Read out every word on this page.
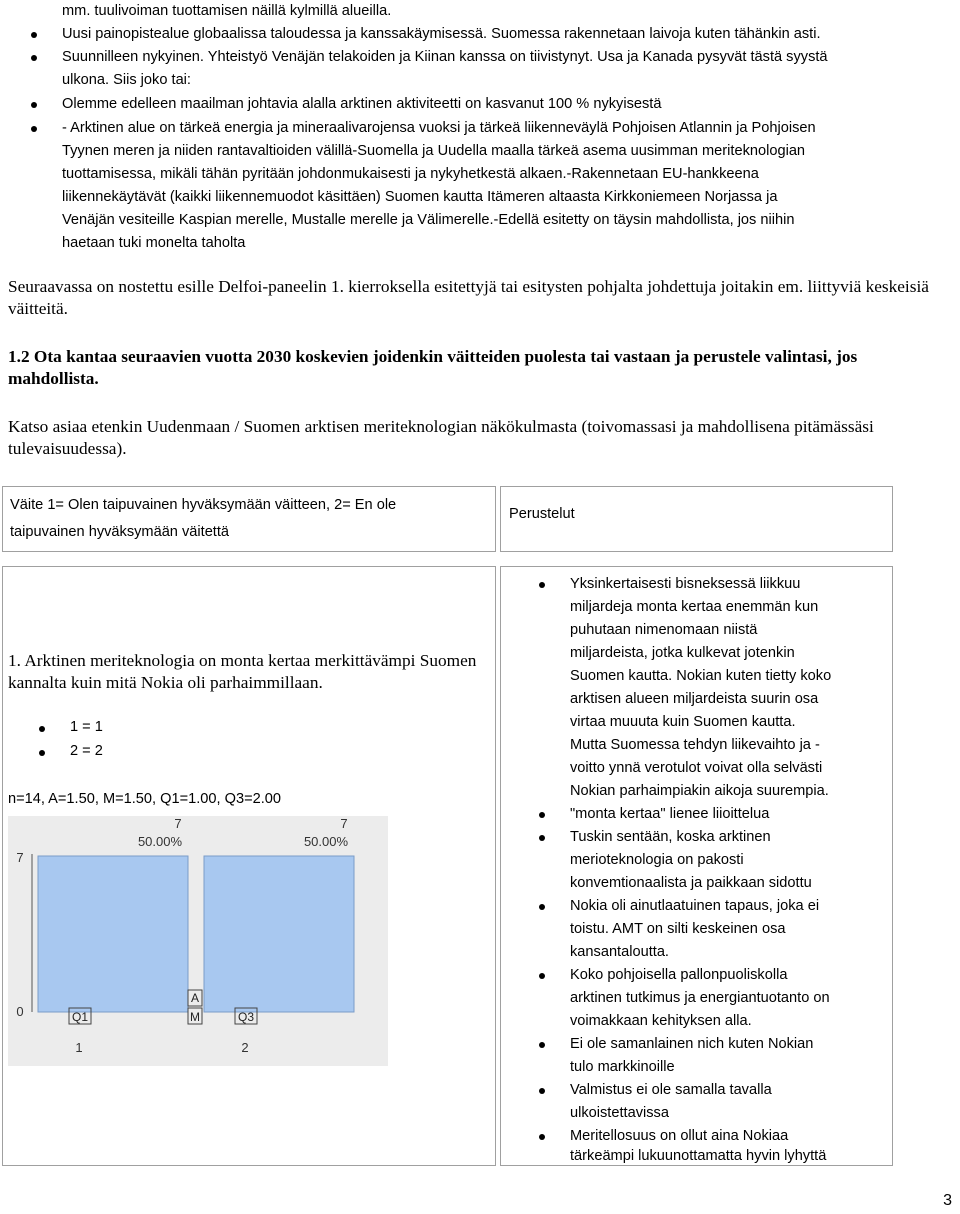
mm. tuulivoiman tuottamisen näillä kylmillä alueilla.
Uusi painopistealue globaalissa taloudessa ja kanssakäymisessä. Suomessa rakennetaan laivoja kuten tähänkin asti.
Suunnilleen nykyinen. Yhteistyö Venäjän telakoiden ja Kiinan kanssa on tiivistynyt. Usa ja Kanada pysyvät tästä syystä
ulkona. Siis joko tai:
Olemme edelleen maailman johtavia alalla arktinen aktiviteetti on kasvanut 100 % nykyisestä
- Arktinen alue on tärkeä energia ja mineraalivarojensa vuoksi ja tärkeä liikenneväylä Pohjoisen Atlannin ja Pohjoisen
Tyynen meren ja niiden rantavaltioiden välillä-Suomella ja Uudella maalla tärkeä asema uusimman meriteknologian
tuottamisessa, mikäli tähän pyritään johdonmukaisesti ja nykyhetkestä alkaen.-Rakennetaan EU-hankkeena
liikennekäytävät (kaikki liikennemuodot käsittäen) Suomen kautta Itämeren altaasta Kirkkoniemeen Norjassa ja
Venäjän vesiteille Kaspian merelle, Mustalle merelle ja Välimerelle.-Edellä esitetty on täysin mahdollista, jos niihin
haetaan tuki monelta taholta
Seuraavassa on nostettu esille Delfoi-paneelin 1. kierroksella esitettyjä tai esitysten pohjalta johdettuja joitakin em. liittyviä keskeisiä väitteitä.
1.2 Ota kantaa seuraavien vuotta 2030 koskevien joidenkin väitteiden puolesta tai vastaan ja perustele valintasi, jos mahdollista.
Katso asiaa etenkin Uudenmaan / Suomen arktisen meriteknologian näkökulmasta (toivomassasi ja mahdollisena pitämässäsi tulevaisuudessa).
Väite 1= Olen taipuvainen hyväksymään väitteen, 2= En ole
taipuvainen hyväksymään väitettä
Perustelut
1. Arktinen meriteknologia on monta kertaa merkittävämpi Suomen kannalta kuin mitä Nokia oli parhaimmillaan.
1 = 1
2 = 2
n=14, A=1.50, M=1.50, Q1=1.00, Q3=2.00
7
0
7
50.00%
1
7
50.00%
2
Q1	Q3
A
M
Yksinkertaisesti bisneksessä liikkuu
miljardeja monta kertaa enemmän kun
puhutaan nimenomaan niistä
miljardeista, jotka kulkevat jotenkin
Suomen kautta. Nokian kuten tietty koko
arktisen alueen miljardeista suurin osa
virtaa muuuta kuin Suomen kautta.
Mutta Suomessa tehdyn liikevaihto ja -
voitto ynnä verotulot voivat olla selvästi
Nokian parhaimpiakin aikoja suurempia.
"monta kertaa" lienee liioittelua
Tuskin sentään, koska arktinen
merioteknologia on pakosti
konvemtionaalista ja paikkaan sidottu
Nokia oli ainutlaatuinen tapaus, joka ei
toistu. AMT on silti keskeinen osa
kansantaloutta.
Koko pohjoisella pallonpuoliskolla
arktinen tutkimus ja energiantuotanto on
voimakkaan kehityksen alla.
Ei ole samanlainen nich kuten Nokian
tulo markkinoille
Valmistus ei ole samalla tavalla
ulkoistettavissa
Meritellosuus on ollut aina Nokiaa
tärkeämpi lukuunottamatta hyvin lyhyttä
3
